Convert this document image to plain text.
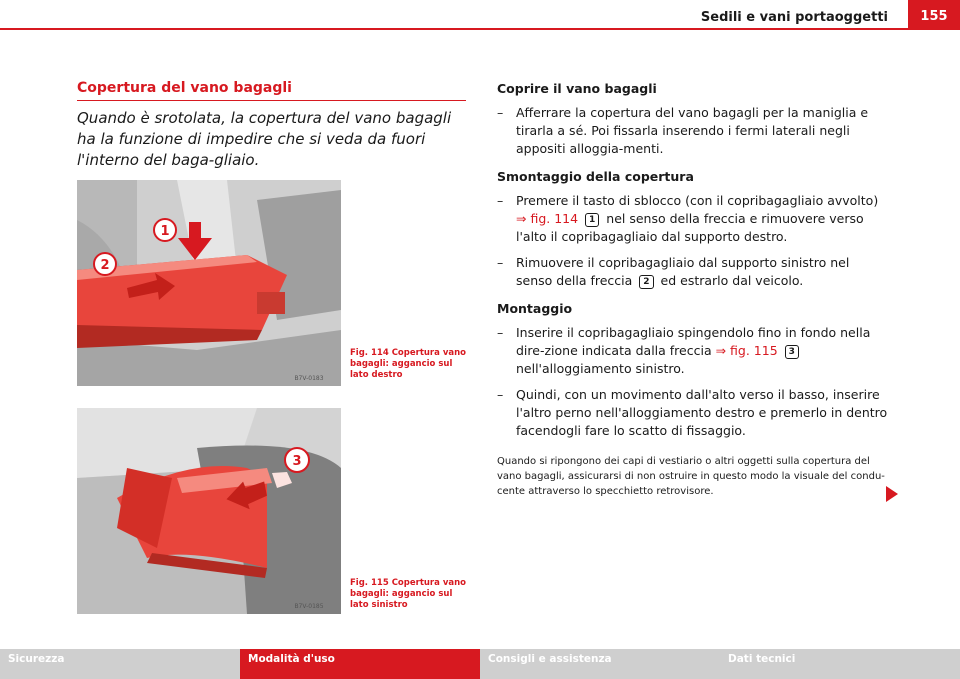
Sedili e vani portaoggetti	155
Copertura del vano bagagli

Quando è srotolata, la copertura del vano bagagli ha la funzione di impedire che si veda da fuori l'interno del baga-gliaio.

1
2
B7V-0183
Fig. 114 Copertura vano bagagli: aggancio sul lato destro
3
B7V-0185
Fig. 115 Copertura vano bagagli: aggancio sul lato sinistro
Coprire il vano bagagli
– Afferrare la copertura del vano bagagli per la maniglia e tirarla a sé. Poi fissarla inserendo i fermi laterali negli appositi alloggia-menti.
Smontaggio della copertura
– Premere il tasto di sblocco (con il copribagagliaio avvolto) ⇒ fig. 114 1 nel senso della freccia e rimuovere verso l'alto il copribagagliaio dal supporto destro.
– Rimuovere il copribagagliaio dal supporto sinistro nel senso della freccia 2 ed estrarlo dal veicolo.
Montaggio
– Inserire il copribagagliaio spingendolo fino in fondo nella dire-zione indicata dalla freccia ⇒ fig. 115 3 nell'alloggiamento sinistro.
– Quindi, con un movimento dall'alto verso il basso, inserire l'altro perno nell'alloggiamento destro e premerlo in dentro facendogli fare lo scatto di fissaggio.

Quando si ripongono dei capi di vestiario o altri oggetti sulla copertura del vano bagagli, assicurarsi di non ostruire in questo modo la visuale del condu-cente attraverso lo specchietto retrovisore.

Sicurezza	Modalità d'uso	Consigli e assistenza	Dati tecnici
